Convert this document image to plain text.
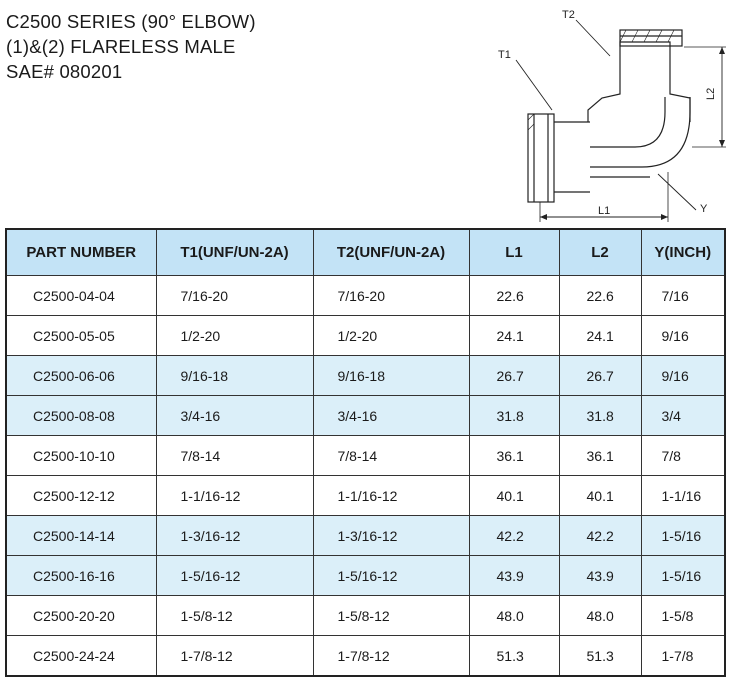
C2500 SERIES (90° ELBOW)
(1)&(2) FLARELESS MALE
SAE# 080201
T1
T2
L1
L2
Y
PART NUMBER	T1(UNF/UN-2A)	T2(UNF/UN-2A)	L1	L2	Y(INCH)
C2500-04-04	7/16-20	7/16-20	22.6	22.6	7/16
C2500-05-05	1/2-20	1/2-20	24.1	24.1	9/16
C2500-06-06	9/16-18	9/16-18	26.7	26.7	9/16
C2500-08-08	3/4-16	3/4-16	31.8	31.8	3/4
C2500-10-10	7/8-14	7/8-14	36.1	36.1	7/8
C2500-12-12	1-1/16-12	1-1/16-12	40.1	40.1	1-1/16
C2500-14-14	1-3/16-12	1-3/16-12	42.2	42.2	1-5/16
C2500-16-16	1-5/16-12	1-5/16-12	43.9	43.9	1-5/16
C2500-20-20	1-5/8-12	1-5/8-12	48.0	48.0	1-5/8
C2500-24-24	1-7/8-12	1-7/8-12	51.3	51.3	1-7/8
